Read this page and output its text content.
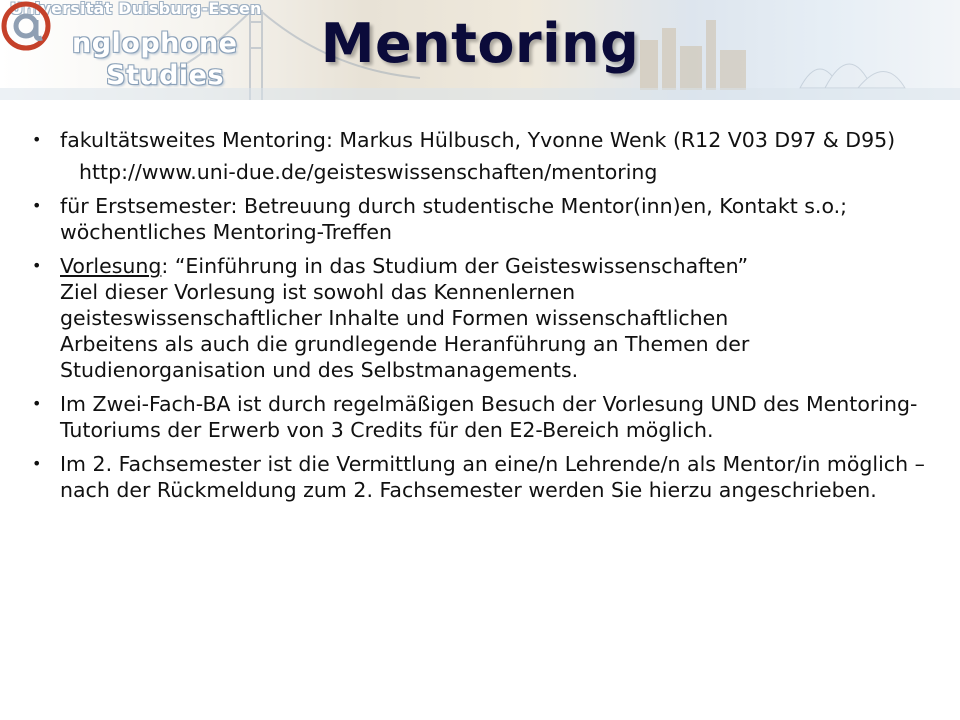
Universität Duisburg-Essen
nglophone
Studies
Mentoring
• fakultätsweites Mentoring: Markus Hülbusch, Yvonne Wenk (R12 V03 D97 & D95)
http://www.uni-due.de/geisteswissenschaften/mentoring
• für Erstsemester: Betreuung durch studentische Mentor(inn)en, Kontakt s.o.; wöchentliches Mentoring-Treffen
• Vorlesung: “Einführung in das Studium der Geisteswissenschaften”
Ziel dieser Vorlesung ist sowohl das Kennenlernen
geisteswissenschaftlicher Inhalte und Formen wissenschaftlichen
Arbeitens als auch die grundlegende Heranführung an Themen der
Studienorganisation und des Selbstmanagements.
• Im Zwei-Fach-BA ist durch regelmäßigen Besuch der Vorlesung UND des Mentoring-Tutoriums der Erwerb von 3 Credits für den E2-Bereich möglich.
• Im 2. Fachsemester ist die Vermittlung an eine/n Lehrende/n als Mentor/in möglich – nach der Rückmeldung zum 2. Fachsemester werden Sie hierzu angeschrieben.
